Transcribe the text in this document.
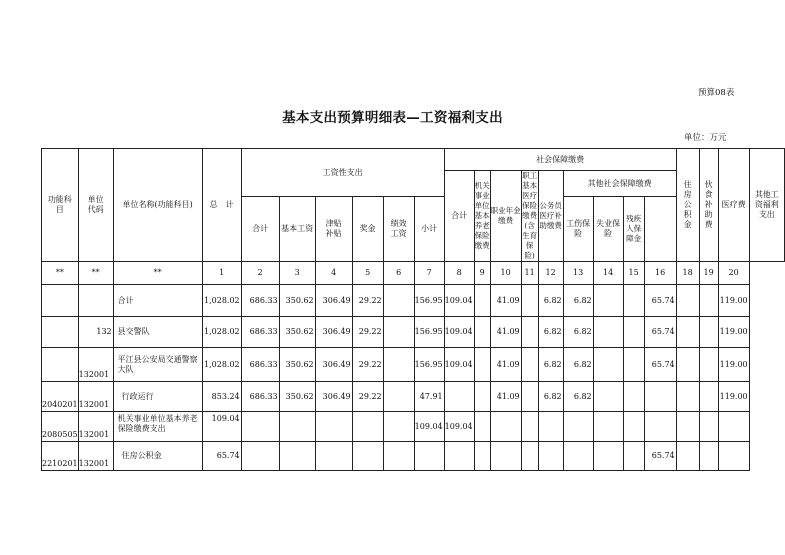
预算08表
基本支出预算明细表—工资福利支出
单位：万元
功能科目	单位代码	单位名称(功能科目)	总　计	工资性支出						社会保障缴费									住房公积金	伙食补助费	医疗费	其他工资福利支出
										合计	机关事业单位基本养老保险缴费	职业年金缴费	职工基本医疗保险缴费(含生育保险)	公务员医疗补助缴费	其他社会保障缴费							
				合计	基本工资	津贴补贴	奖金	绩效工资	小计						工伤保险	失业保险	残疾人保障金					
**	**	**	1	2	3	4	5	6	7	8	9	10	11	12	13	14	15	16	18	19	20	
		合计	1,028.02	686.33	350.62	306.49	29.22		156.95	109.04		41.09		6.82	6.82			65.74			119.00	
	132	县交警队	1,028.02	686.33	350.62	306.49	29.22		156.95	109.04		41.09		6.82	6.82			65.74			119.00	
	132001	平江县公安局交通警察大队	1,028.02	686.33	350.62	306.49	29.22		156.95	109.04		41.09		6.82	6.82			65.74			119.00	
2040201	132001	行政运行	853.24	686.33	350.62	306.49	29.22		47.91			41.09		6.82	6.82						119.00	
2080505	132001	机关事业单位基本养老保险缴费支出	109.04						109.04	109.04												
2210201	132001	住房公积金	65.74															65.74				
